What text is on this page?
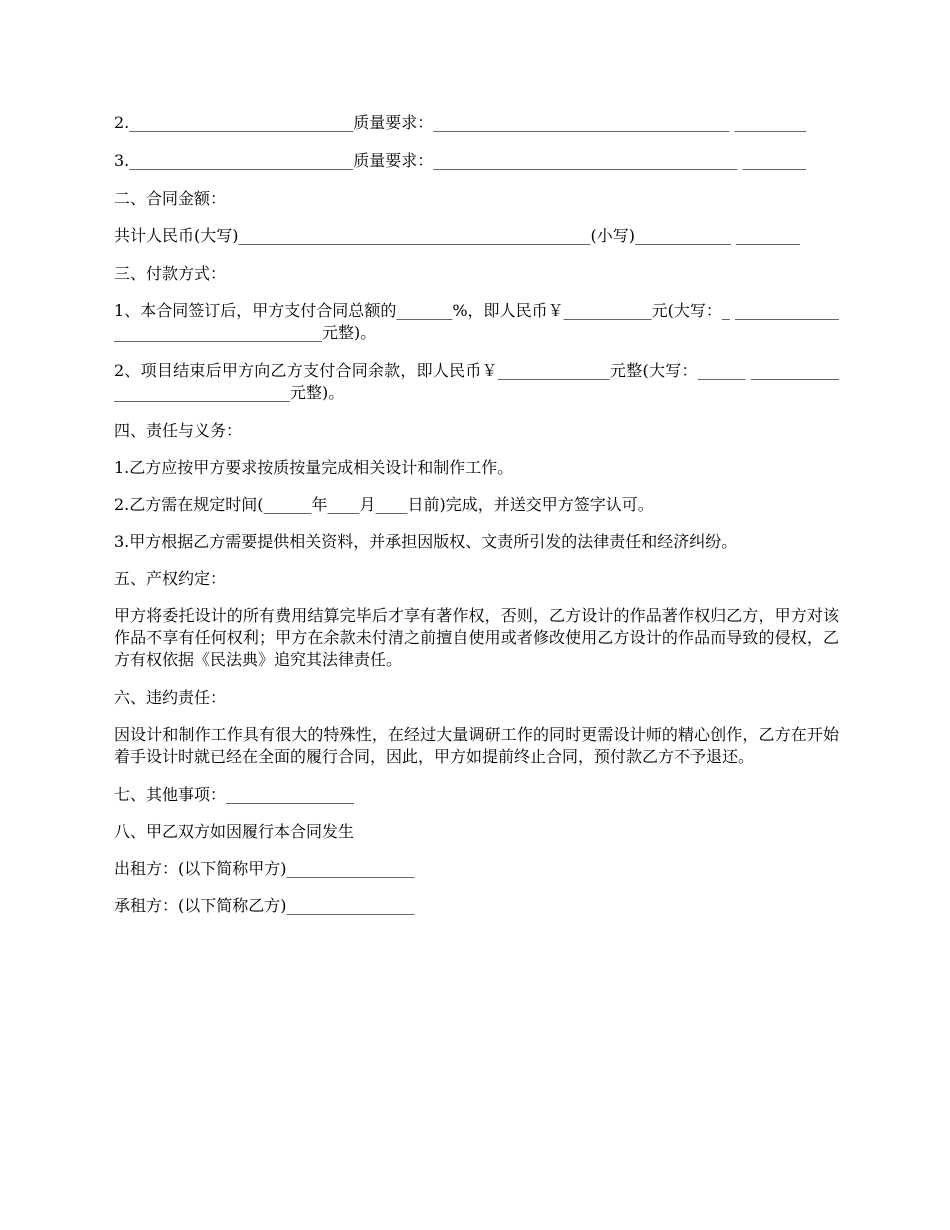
2.____________________________质量要求：_____________________________________ _________

3.____________________________质量要求：______________________________________ ________

二、合同金额：

共计人民币(大写)____________________________________________(小写)____________ ________

三、付款方式：

1、本合同签订后，甲方支付合同总额的_______%，即人民币￥___________元(大写：_ _______________________________________元整)。

2、项目结束后甲方向乙方支付合同余款，即人民币￥______________元整(大写：______ _________________________________元整)。

四、责任与义务：

1.乙方应按甲方要求按质按量完成相关设计和制作工作。

2.乙方需在规定时间(______年____月____日前)完成，并送交甲方签字认可。

3.甲方根据乙方需要提供相关资料，并承担因版权、文责所引发的法律责任和经济纠纷。

五、产权约定：

甲方将委托设计的所有费用结算完毕后才享有著作权，否则，乙方设计的作品著作权归乙方，甲方对该作品不享有任何权利；甲方在余款未付清之前擅自使用或者修改使用乙方设计的作品而导致的侵权，乙方有权依据《民法典》追究其法律责任。

六、违约责任：

因设计和制作工作具有很大的特殊性，在经过大量调研工作的同时更需设计师的精心创作，乙方在开始着手设计时就已经在全面的履行合同，因此，甲方如提前终止合同，预付款乙方不予退还。

七、其他事项：________________

八、甲乙双方如因履行本合同发生

出租方：(以下简称甲方)________________

承租方：(以下简称乙方)________________
